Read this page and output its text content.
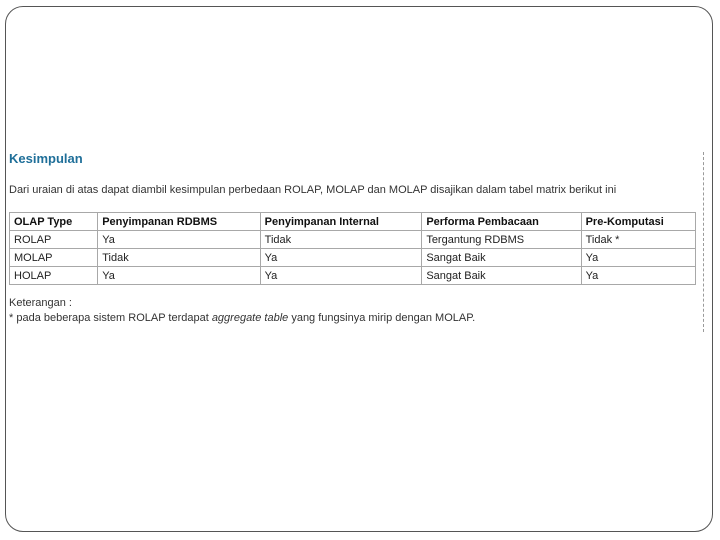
Kesimpulan
Dari uraian di atas dapat diambil kesimpulan perbedaan ROLAP, MOLAP dan MOLAP disajikan dalam tabel matrix berikut ini
OLAP Type	Penyimpanan RDBMS	Penyimpanan Internal	Performa Pembacaan	Pre-Komputasi
ROLAP	Ya	Tidak	Tergantung RDBMS	Tidak *
MOLAP	Tidak	Ya	Sangat Baik	Ya
HOLAP	Ya	Ya	Sangat Baik	Ya
Keterangan :
* pada beberapa sistem ROLAP terdapat aggregate table yang fungsinya mirip dengan MOLAP.
